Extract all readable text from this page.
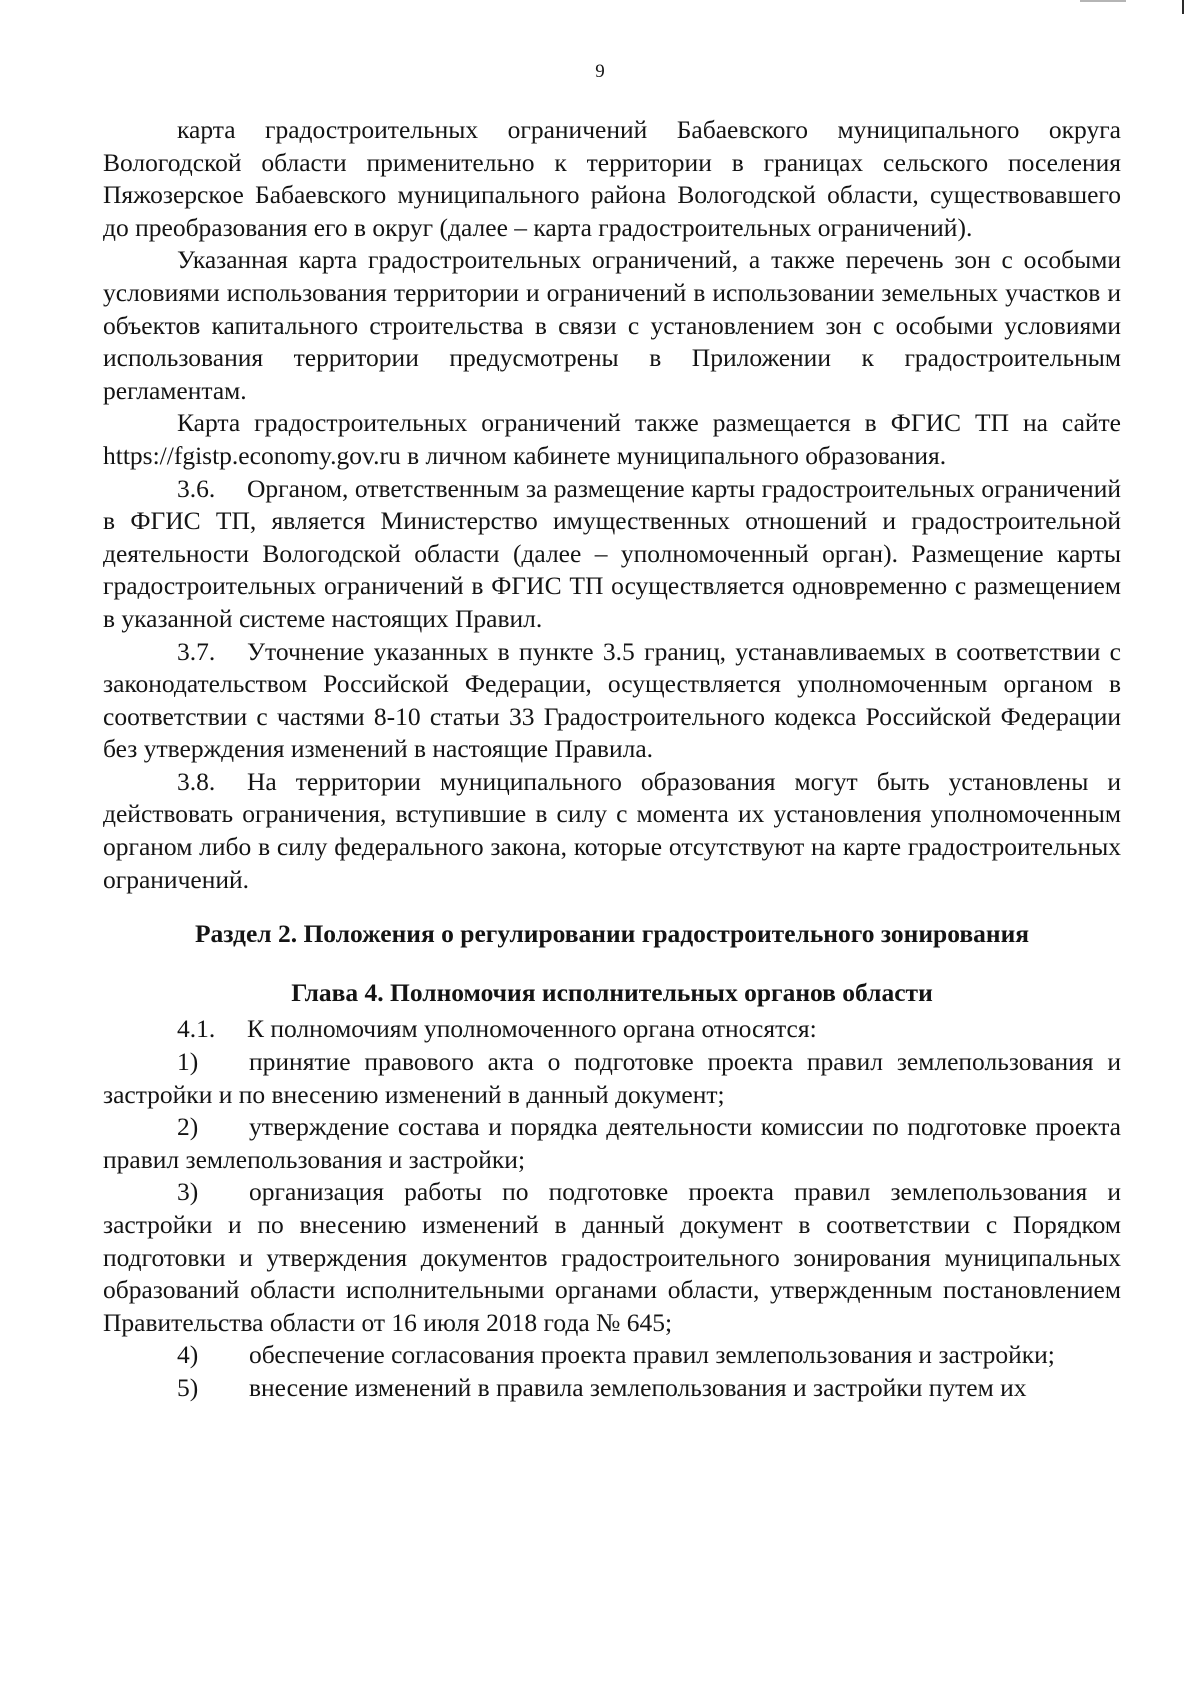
9

карта градостроительных ограничений Бабаевского муниципального округа Вологодской области применительно к территории в границах сельского поселения Пяжозерское Бабаевского муниципального района Вологодской области, существовавшего до преобразования его в округ (далее – карта градостроительных ограничений).

Указанная карта градостроительных ограничений, а также перечень зон с особыми условиями использования территории и ограничений в использовании земельных участков и объектов капитального строительства в связи с установлением зон с особыми условиями использования территории предусмотрены в Приложении к градостроительным регламентам.

Карта градостроительных ограничений также размещается в ФГИС ТП на сайте https://fgistp.economy.gov.ru в личном кабинете муниципального образования.

3.6. Органом, ответственным за размещение карты градостроительных ограничений в ФГИС ТП, является Министерство имущественных отношений и градостроительной деятельности Вологодской области (далее – уполномоченный орган). Размещение карты градостроительных ограничений в ФГИС ТП осуществляется одновременно с размещением в указанной системе настоящих Правил.

3.7. Уточнение указанных в пункте 3.5 границ, устанавливаемых в соответствии с законодательством Российской Федерации, осуществляется уполномоченным органом в соответствии с частями 8-10 статьи 33 Градостроительного кодекса Российской Федерации без утверждения изменений в настоящие Правила.

3.8. На территории муниципального образования могут быть установлены и действовать ограничения, вступившие в силу с момента их установления уполномоченным органом либо в силу федерального закона, которые отсутствуют на карте градостроительных ограничений.

Раздел 2. Положения о регулировании градостроительного зонирования

Глава 4. Полномочия исполнительных органов области

4.1. К полномочиям уполномоченного органа относятся:

1) принятие правового акта о подготовке проекта правил землепользования и застройки и по внесению изменений в данный документ;

2) утверждение состава и порядка деятельности комиссии по подготовке проекта правил землепользования и застройки;

3) организация работы по подготовке проекта правил землепользования и застройки и по внесению изменений в данный документ в соответствии с Порядком подготовки и утверждения документов градостроительного зонирования муниципальных образований области исполнительными органами области, утвержденным постановлением Правительства области от 16 июля 2018 года № 645;

4) обеспечение согласования проекта правил землепользования и застройки;

5) внесение изменений в правила землепользования и застройки путем их
